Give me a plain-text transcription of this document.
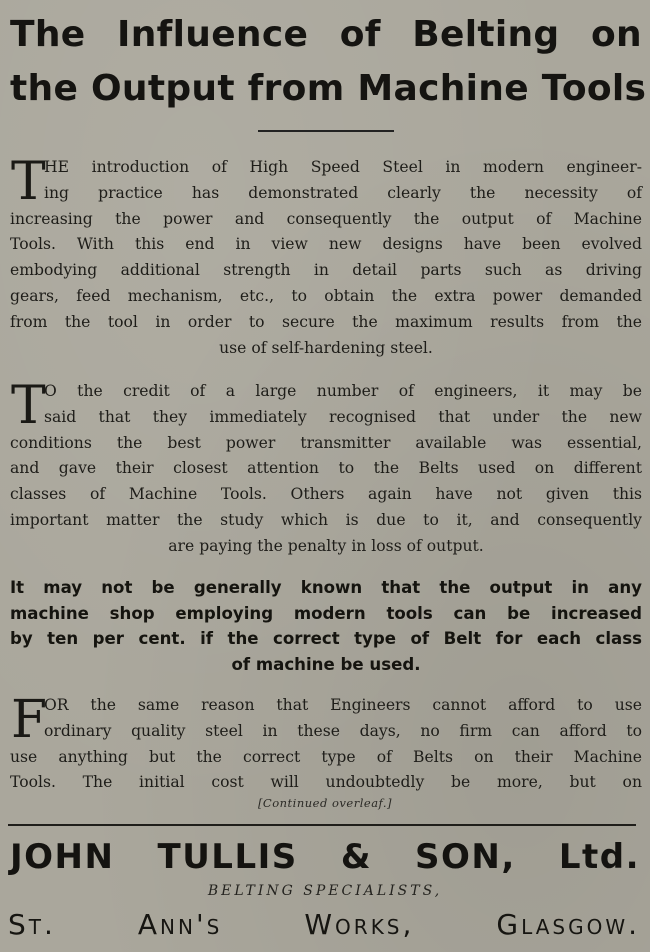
The Influence of Belting on
the Output from Machine Tools
T

HE introduction of High Speed Steel in modern engineer-
ing practice has demonstrated clearly the necessity of
increasing the power and consequently the output of Machine
Tools. With this end in view new designs have been evolved
embodying additional strength in detail parts such as driving
gears, feed mechanism, etc., to obtain the extra power demanded
from the tool in order to secure the maximum results from the
use of self-hardening steel.

T

O the credit of a large number of engineers, it may be
said that they immediately recognised that under the new
conditions the best power transmitter available was essential,
and gave their closest attention to the Belts used on different
classes of Machine Tools. Others again have not given this
important matter the study which is due to it, and consequently
are paying the penalty in loss of output.

It may not be generally known that the output in any
machine shop employing modern tools can be increased
by ten per cent. if the correct type of Belt for each class
of machine be used.

F

OR the same reason that Engineers cannot afford to use
ordinary quality steel in these days, no firm can afford to
use anything but the correct type of Belts on their Machine
Tools. The initial cost will undoubtedly be more, but on

[Continued overleaf.]
JOHN TULLIS & SON, Ltd.
BELTING SPECIALISTS,
St. Ann's Works, Glasgow.
